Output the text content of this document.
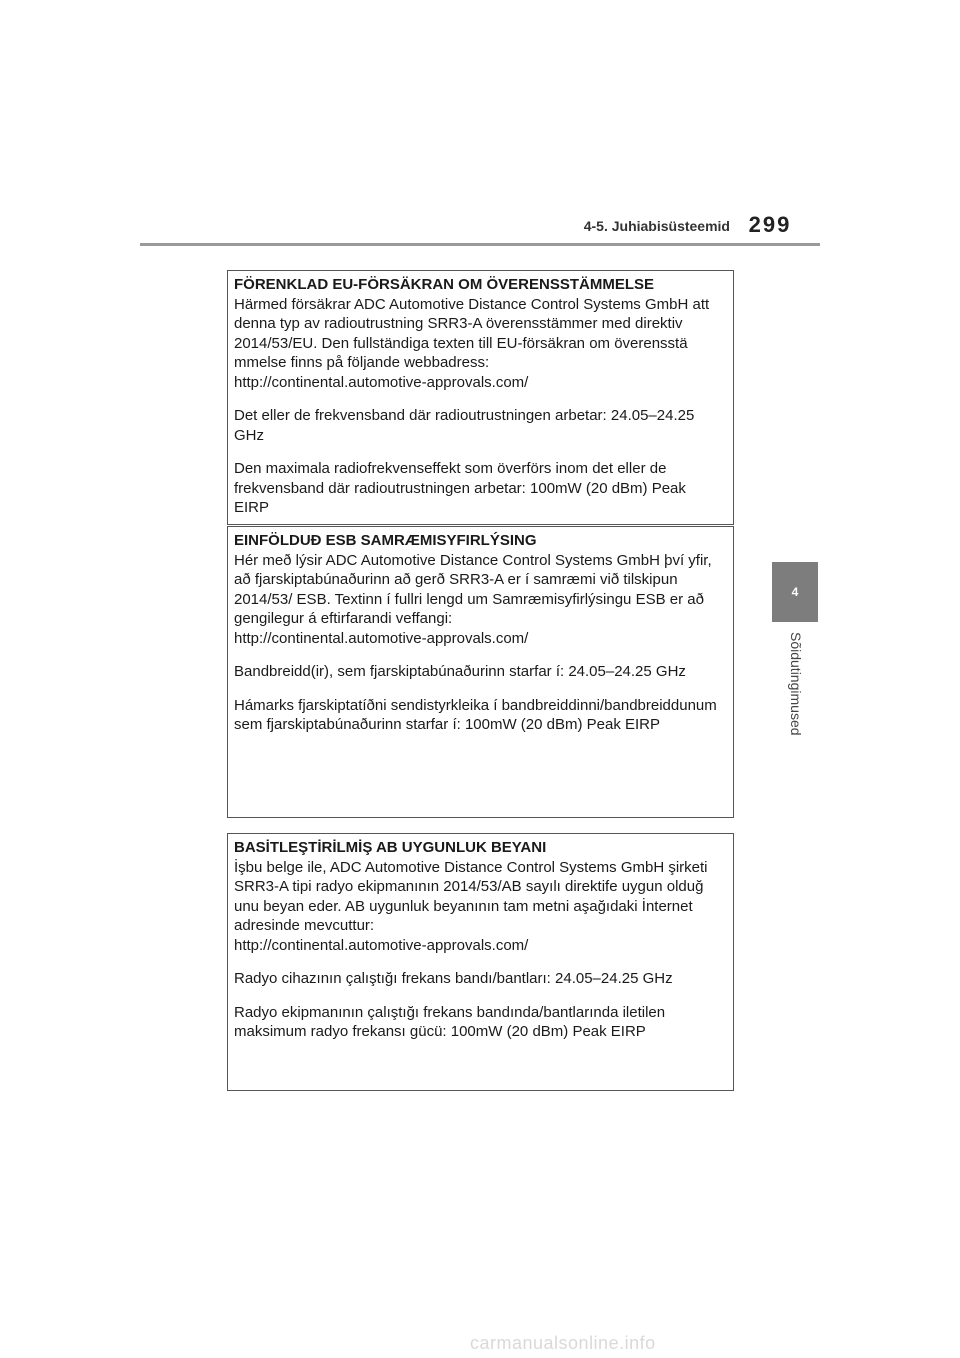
4-5. Juhiabisüsteemid 299
4
Sõidutingimused
FÖRENKLAD EU-FÖRSÄKRAN OM ÖVERENSSTÄMMELSE
Härmed försäkrar ADC Automotive Distance Control Systems GmbH att
denna typ av radioutrustning SRR3-A överensstämmer med direktiv
2014/53/EU. Den fullständiga texten till EU-försäkran om överensstä
mmelse finns på följande webbadress:
http://continental.automotive-approvals.com/
Det eller de frekvensband där radioutrustningen arbetar: 24.05–24.25
GHz
Den maximala radiofrekvenseffekt som överförs inom det eller de
frekvensband där radioutrustningen arbetar: 100mW (20 dBm) Peak
EIRP
EINFÖLDUÐ ESB SAMRÆMISYFIRLÝSING
Hér með lýsir ADC Automotive Distance Control Systems GmbH því yfir,
að fjarskiptabúnaðurinn að gerð SRR3-A er í samræmi við tilskipun
2014/53/ ESB. Textinn í fullri lengd um Samræmisyfirlýsingu ESB er að
gengilegur á eftirfarandi veffangi:
http://continental.automotive-approvals.com/
Bandbreidd(ir), sem fjarskiptabúnaðurinn starfar í: 24.05–24.25 GHz
Hámarks fjarskiptatíðni sendistyrkleika í bandbreiddinni/bandbreiddunum
sem fjarskiptabúnaðurinn starfar í: 100mW (20 dBm) Peak EIRP
BASİTLEŞTİRİLMİŞ AB UYGUNLUK BEYANI
İşbu belge ile, ADC Automotive Distance Control Systems GmbH şirketi
SRR3-A tipi radyo ekipmanının 2014/53/AB sayılı direktife uygun olduğ
unu beyan eder. AB uygunluk beyanının tam metni aşağıdaki İnternet
adresinde mevcuttur:
http://continental.automotive-approvals.com/
Radyo cihazının çalıştığı frekans bandı/bantları: 24.05–24.25 GHz
Radyo ekipmanının çalıştığı frekans bandında/bantlarında iletilen
maksimum radyo frekansı gücü: 100mW (20 dBm) Peak EIRP
carmanualsonline.info
